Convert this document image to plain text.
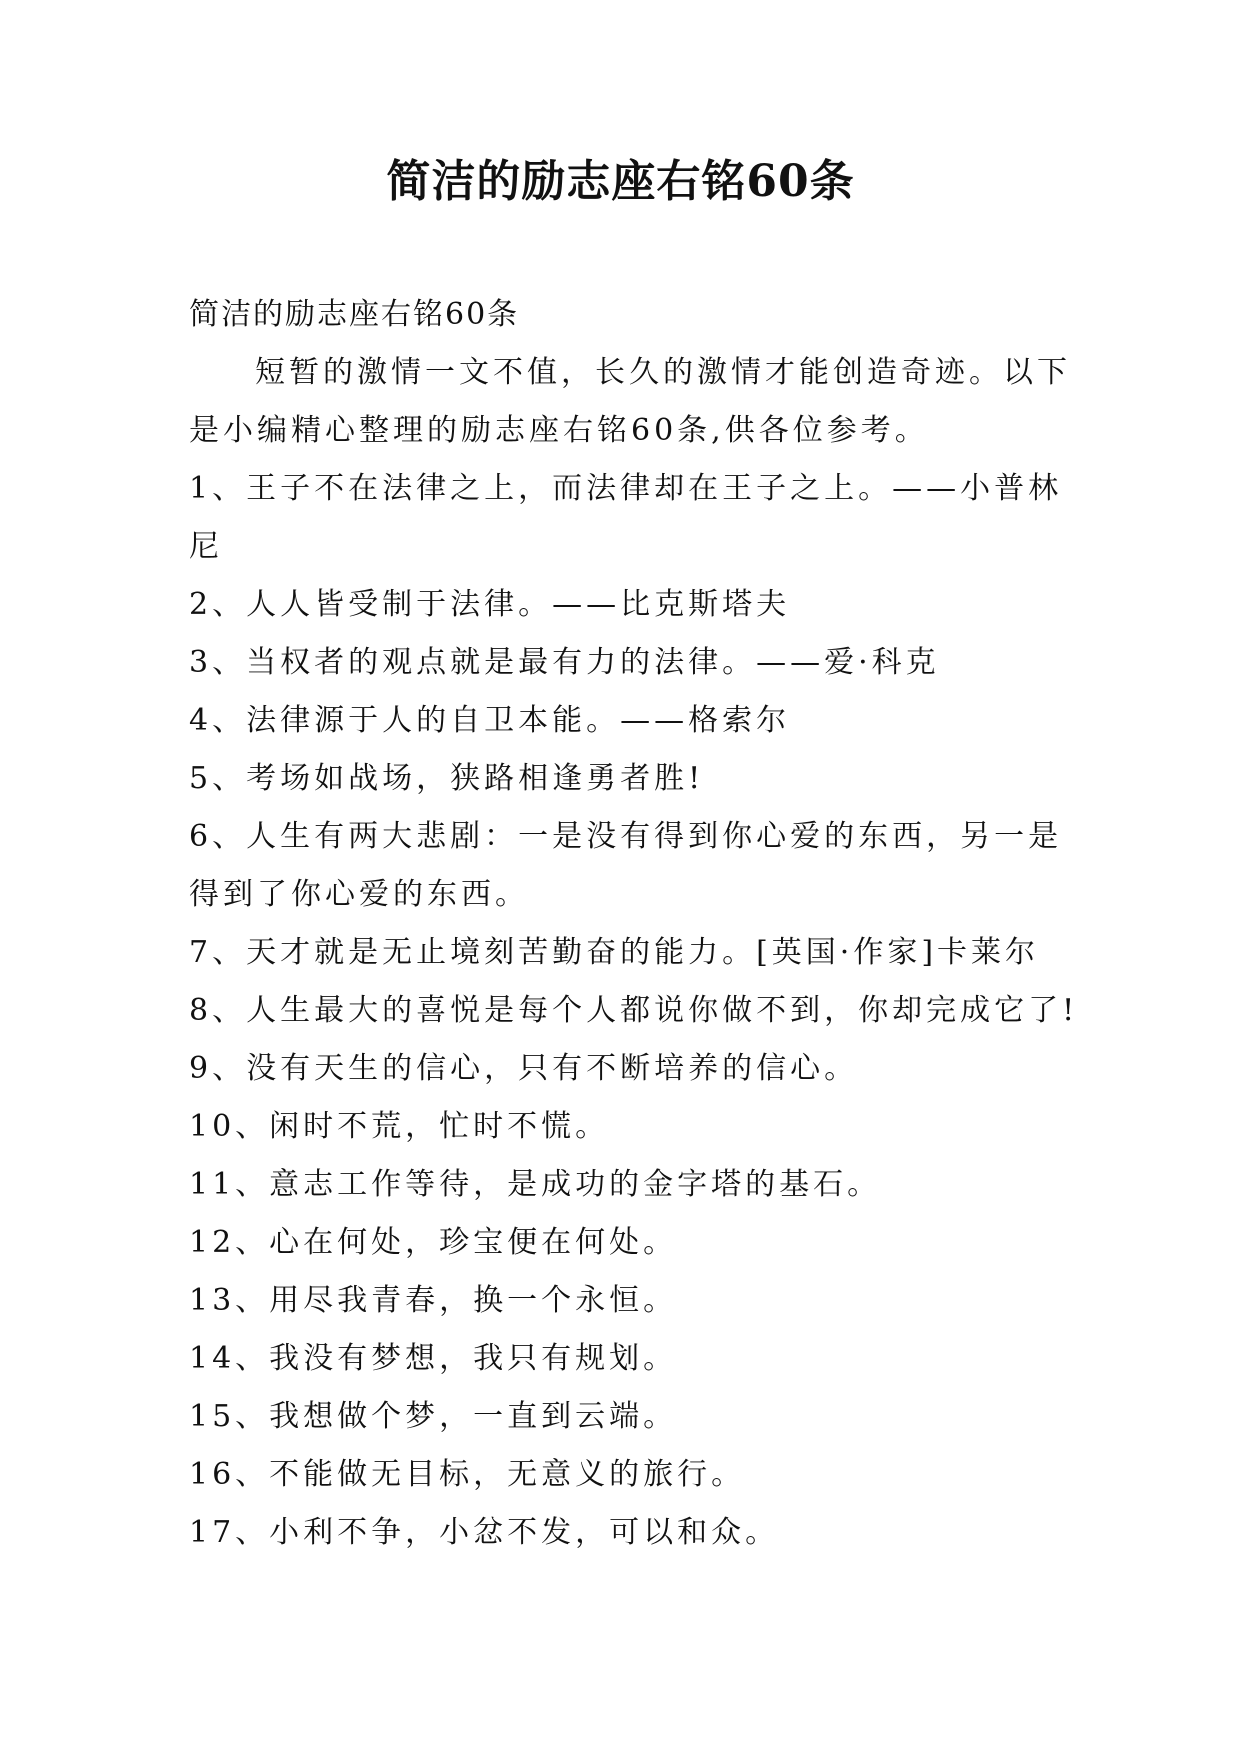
简洁的励志座右铭60条

简洁的励志座右铭60条

短暂的激情一文不值，长久的激情才能创造奇迹。以下是小编精心整理的励志座右铭60条,供各位参考。

1、王子不在法律之上，而法律却在王子之上。——小普林尼

2、人人皆受制于法律。——比克斯塔夫

3、当权者的观点就是最有力的法律。——爱·科克

4、法律源于人的自卫本能。——格索尔

5、考场如战场，狭路相逢勇者胜!

6、人生有两大悲剧：一是没有得到你心爱的东西，另一是得到了你心爱的东西。

7、天才就是无止境刻苦勤奋的能力。[英国·作家]卡莱尔

8、人生最大的喜悦是每个人都说你做不到，你却完成它了!

9、没有天生的信心，只有不断培养的信心。

10、闲时不荒，忙时不慌。

11、意志工作等待，是成功的金字塔的基石。

12、心在何处，珍宝便在何处。

13、用尽我青春，换一个永恒。

14、我没有梦想，我只有规划。

15、我想做个梦，一直到云端。

16、不能做无目标，无意义的旅行。

17、小利不争，小忿不发，可以和众。
